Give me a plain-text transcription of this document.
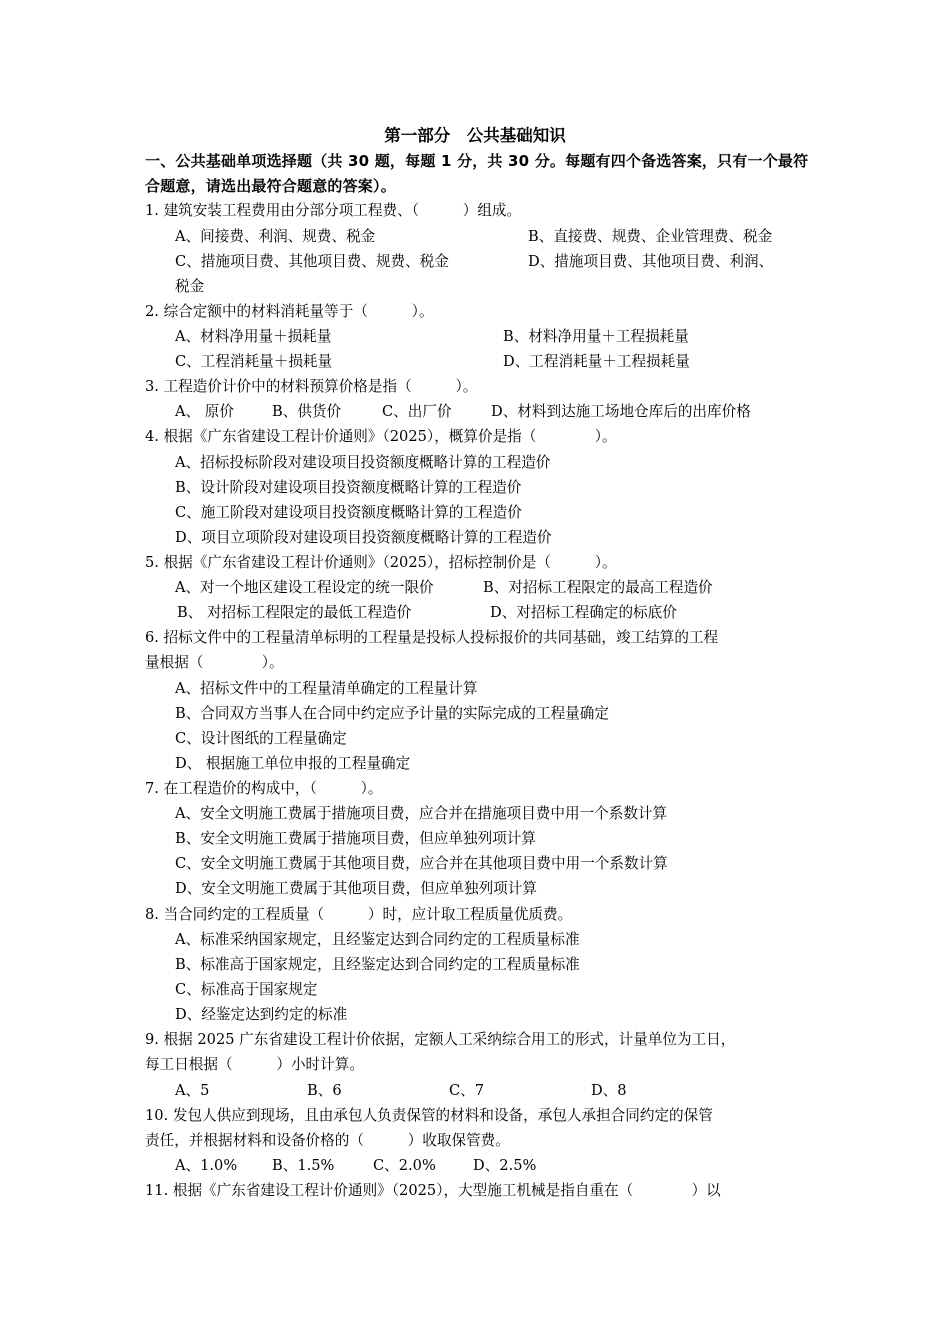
第一部分　公共基础知识
一、公共基础单项选择题（共 30 题，每题 1 分，共 30 分。每题有四个备选答案，只有一个最符合题意，请选出最符合题意的答案）。
1. 建筑安装工程费用由分部分项工程费、（　　　）组成。
A、间接费、利润、规费、税金	B、直接费、规费、企业管理费、税金
C、措施项目费、其他项目费、规费、税金	D、措施项目费、其他项目费、利润、
税金
2. 综合定额中的材料消耗量等于（　　　）。
A、材料净用量＋损耗量	B、材料净用量＋工程损耗量
C、工程消耗量＋损耗量	D、工程消耗量＋工程损耗量
3. 工程造价计价中的材料预算价格是指（　　　）。
A、 原价	B、供货价	C、出厂价	D、材料到达施工场地仓库后的出库价格
4. 根据《广东省建设工程计价通则》（2025），概算价是指（　　　　）。
A、招标投标阶段对建设项目投资额度概略计算的工程造价
B、设计阶段对建设项目投资额度概略计算的工程造价
C、施工阶段对建设项目投资额度概略计算的工程造价
D、项目立项阶段对建设项目投资额度概略计算的工程造价
5. 根据《广东省建设工程计价通则》（2025），招标控制价是（　　　）。
A、对一个地区建设工程设定的统一限价	B、对招标工程限定的最高工程造价
B、 对招标工程限定的最低工程造价	D、对招标工程确定的标底价
6. 招标文件中的工程量清单标明的工程量是投标人投标报价的共同基础，竣工结算的工程
量根据（　　　　）。
A、招标文件中的工程量清单确定的工程量计算
B、合同双方当事人在合同中约定应予计量的实际完成的工程量确定
C、设计图纸的工程量确定
D、 根据施工单位申报的工程量确定
7. 在工程造价的构成中，（　　　）。
A、安全文明施工费属于措施项目费，应合并在措施项目费中用一个系数计算
B、安全文明施工费属于措施项目费，但应单独列项计算
C、安全文明施工费属于其他项目费，应合并在其他项目费中用一个系数计算
D、安全文明施工费属于其他项目费，但应单独列项计算
8. 当合同约定的工程质量（　　　）时，应计取工程质量优质费。
A、标准采纳国家规定，且经鉴定达到合同约定的工程质量标准
B、标准高于国家规定，且经鉴定达到合同约定的工程质量标准
C、标准高于国家规定
D、经鉴定达到约定的标准
9. 根据 2025 广东省建设工程计价依据，定额人工采纳综合用工的形式，计量单位为工日，
每工日根据（　　　）小时计算。
A、5	B、6	C、7	D、8
10. 发包人供应到现场，且由承包人负责保管的材料和设备，承包人承担合同约定的保管
责任，并根据材料和设备价格的（　　　）收取保管费。
A、1.0% B、1.5%	C、2.0%	D、2.5%
11. 根据《广东省建设工程计价通则》（2025），大型施工机械是指自重在（　　　　）以
